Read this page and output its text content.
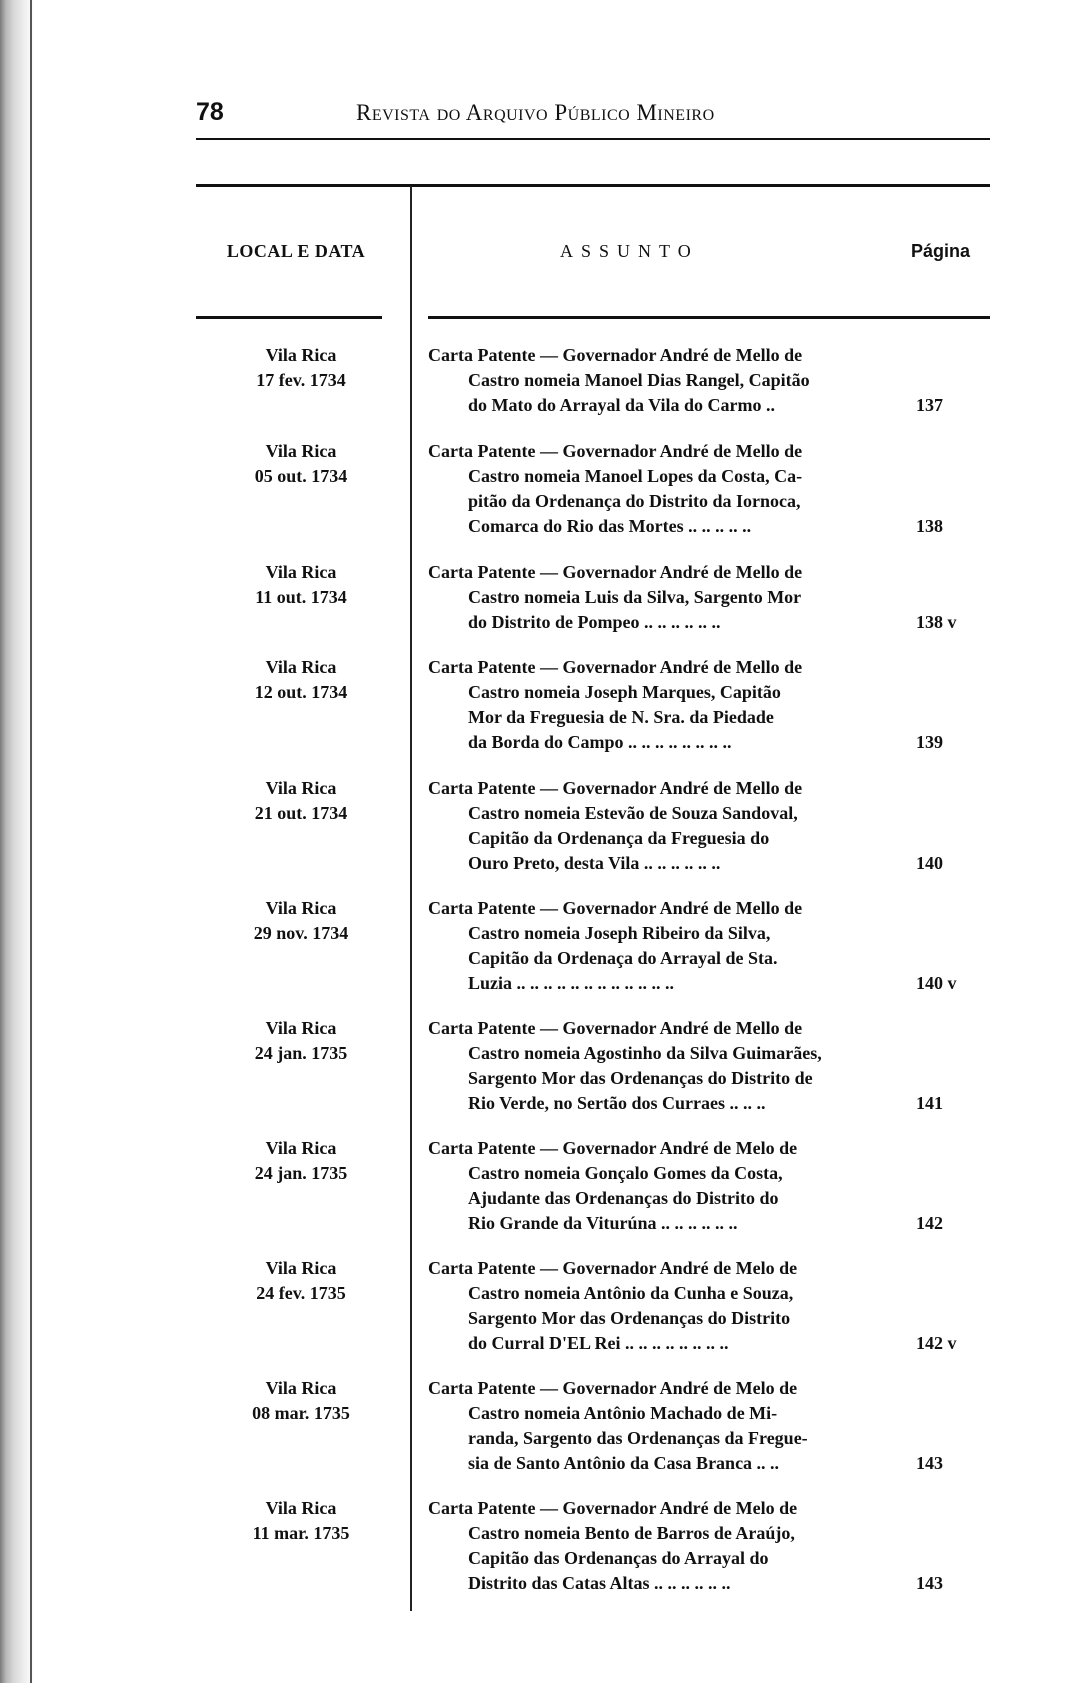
78	Revista do Arquivo Público Mineiro
LOCAL E DATA	ASSUNTO	Página
Vila Rica
17 fev. 1734
Carta Patente — Governador André de Mello de
Castro nomeia Manoel Dias Rangel, Capitão
do Mato do Arrayal da Vila do Carmo ..	137
Vila Rica
05 out. 1734
Carta Patente — Governador André de Mello de
Castro nomeia Manoel Lopes da Costa, Ca-
pitão da Ordenança do Distrito da Iornoca,
Comarca do Rio das Mortes .. .. .. .. ..	138
Vila Rica
11 out. 1734
Carta Patente — Governador André de Mello de
Castro nomeia Luis da Silva, Sargento Mor
do Distrito de Pompeo .. .. .. .. .. ..	138 v
Vila Rica
12 out. 1734
Carta Patente — Governador André de Mello de
Castro nomeia Joseph Marques, Capitão
Mor da Freguesia de N. Sra. da Piedade
da Borda do Campo .. .. .. .. .. .. .. ..	139
Vila Rica
21 out. 1734
Carta Patente — Governador André de Mello de
Castro nomeia Estevão de Souza Sandoval,
Capitão da Ordenança da Freguesia do
Ouro Preto, desta Vila .. .. .. .. .. ..	140
Vila Rica
29 nov. 1734
Carta Patente — Governador André de Mello de
Castro nomeia Joseph Ribeiro da Silva,
Capitão da Ordenaça do Arrayal de Sta.
Luzia .. .. .. .. .. .. .. .. .. .. .. ..	140 v
Vila Rica
24 jan. 1735
Carta Patente — Governador André de Mello de
Castro nomeia Agostinho da Silva Guimarães,
Sargento Mor das Ordenanças do Distrito de
Rio Verde, no Sertão dos Curraes .. .. ..	141
Vila Rica
24 jan. 1735
Carta Patente — Governador André de Melo de
Castro nomeia Gonçalo Gomes da Costa,
Ajudante das Ordenanças do Distrito do
Rio Grande da Viturúna .. .. .. .. .. ..	142
Vila Rica
24 fev. 1735
Carta Patente — Governador André de Melo de
Castro nomeia Antônio da Cunha e Souza,
Sargento Mor das Ordenanças do Distrito
do Curral D'EL Rei .. .. .. .. .. .. .. ..	142 v
Vila Rica
08 mar. 1735
Carta Patente — Governador André de Melo de
Castro nomeia Antônio Machado de Mi-
randa, Sargento das Ordenanças da Fregue-
sia de Santo Antônio da Casa Branca .. ..	143
Vila Rica
11 mar. 1735
Carta Patente — Governador André de Melo de
Castro nomeia Bento de Barros de Araújo,
Capitão das Ordenanças do Arrayal do
Distrito das Catas Altas .. .. .. .. .. ..	143
